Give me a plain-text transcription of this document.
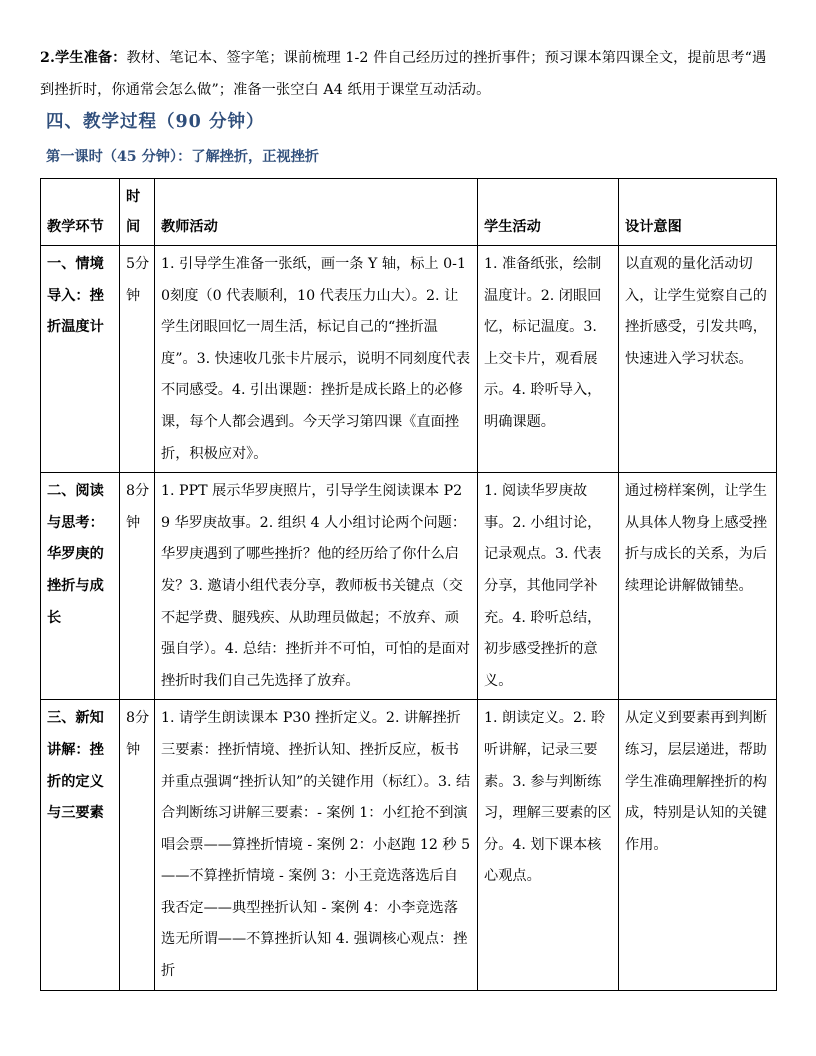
2.学生准备：教材、笔记本、签字笔；课前梳理 1-2 件自己经历过的挫折事件；预习课本第四课全文，提前思考“遇到挫折时，你通常会怎么做”；准备一张空白 A4 纸用于课堂互动活动。
四、教学过程（90 分钟）
第一课时（45 分钟）：了解挫折，正视挫折
教学环节	时间	教师活动	学生活动	设计意图
一、情境导入：挫折温度计	5分钟	1. 引导学生准备一张纸，画一条 Y 轴，标上 0-10刻度（0 代表顺利，10 代表压力山大）。2. 让学生闭眼回忆一周生活，标记自己的“挫折温度”。3. 快速收几张卡片展示，说明不同刻度代表不同感受。4. 引出课题：挫折是成长路上的必修课，每个人都会遇到。今天学习第四课《直面挫折，积极应对》。	1. 准备纸张，绘制温度计。2. 闭眼回忆，标记温度。3. 上交卡片，观看展示。4. 聆听导入，明确课题。	以直观的量化活动切入，让学生觉察自己的挫折感受，引发共鸣，快速进入学习状态。
二、阅读与思考：华罗庚的挫折与成长	8分钟	1. PPT 展示华罗庚照片，引导学生阅读课本 P29 华罗庚故事。2. 组织 4 人小组讨论两个问题：华罗庚遇到了哪些挫折？他的经历给了你什么启发？3. 邀请小组代表分享，教师板书关键点（交不起学费、腿残疾、从助理员做起；不放弃、顽强自学）。4. 总结：挫折并不可怕，可怕的是面对挫折时我们自己先选择了放弃。	1. 阅读华罗庚故事。2. 小组讨论，记录观点。3. 代表分享，其他同学补充。4. 聆听总结，初步感受挫折的意义。	通过榜样案例，让学生从具体人物身上感受挫折与成长的关系，为后续理论讲解做铺垫。
三、新知讲解：挫折的定义与三要素	8分钟	1. 请学生朗读课本 P30 挫折定义。2. 讲解挫折三要素：挫折情境、挫折认知、挫折反应，板书并重点强调“挫折认知”的关键作用（标红）。3. 结合判断练习讲解三要素：- 案例 1：小红抢不到演唱会票——算挫折情境 - 案例 2：小赵跑 12 秒 5——不算挫折情境 - 案例 3：小王竞选落选后自我否定——典型挫折认知 - 案例 4：小李竞选落选无所谓——不算挫折认知 4. 强调核心观点：挫折	1. 朗读定义。2. 聆听讲解，记录三要素。3. 参与判断练习，理解三要素的区分。4. 划下课本核心观点。	从定义到要素再到判断练习，层层递进，帮助学生准确理解挫折的构成，特别是认知的关键作用。
